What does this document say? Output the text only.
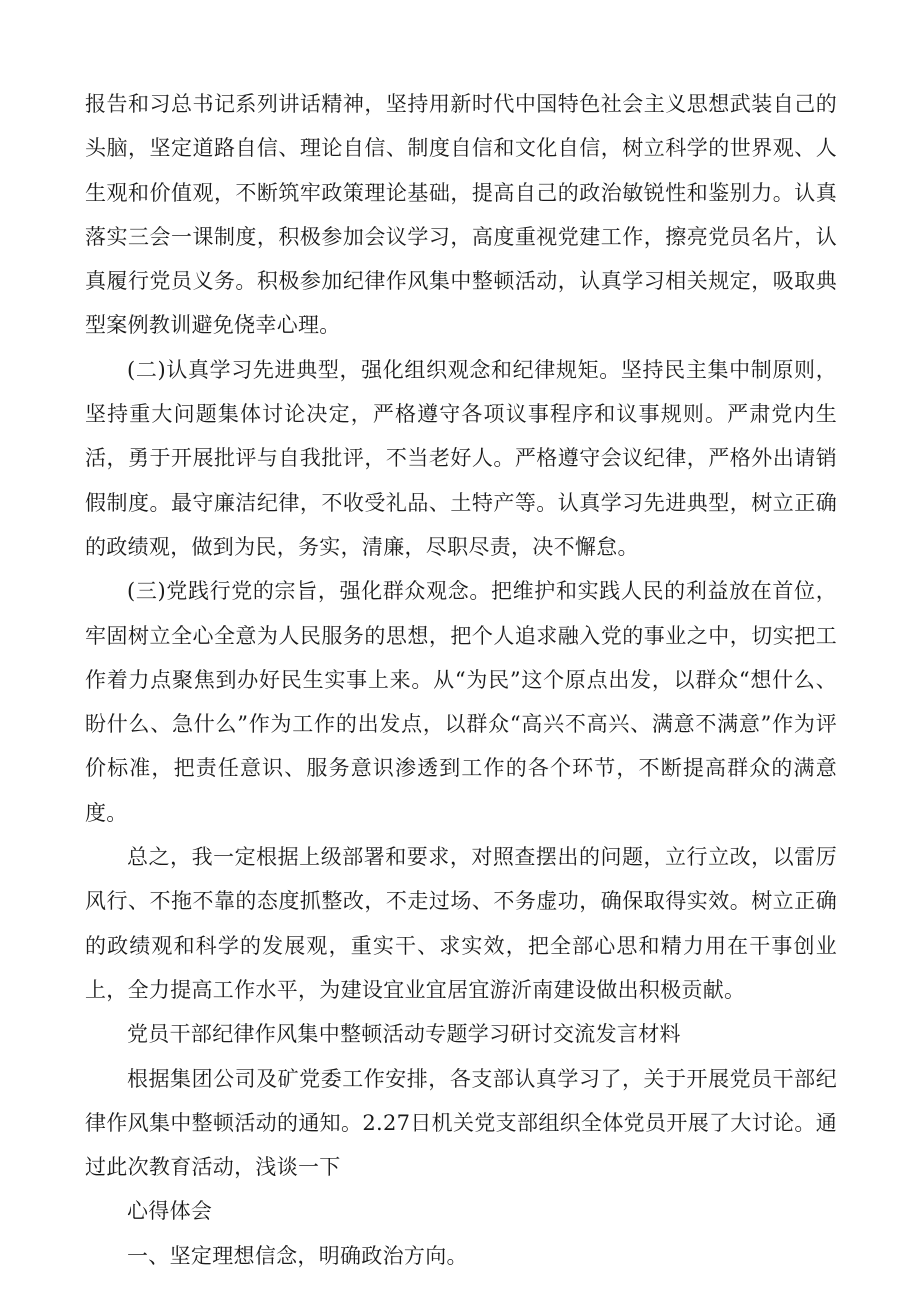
报告和习总书记系列讲话精神，坚持用新时代中国特色社会主义思想武装自己的头脑，坚定道路自信、理论自信、制度自信和文化自信，树立科学的世界观、人生观和价值观，不断筑牢政策理论基础，提高自己的政治敏锐性和鉴别力。认真落实三会一课制度，积极参加会议学习，高度重视党建工作，擦亮党员名片，认真履行党员义务。积极参加纪律作风集中整顿活动，认真学习相关规定，吸取典型案例教训避免侥幸心理。

(二)认真学习先进典型，强化组织观念和纪律规矩。坚持民主集中制原则，坚持重大问题集体讨论决定，严格遵守各项议事程序和议事规则。严肃党内生活，勇于开展批评与自我批评，不当老好人。严格遵守会议纪律，严格外出请销假制度。最守廉洁纪律，不收受礼品、土特产等。认真学习先进典型，树立正确的政绩观，做到为民，务实，清廉，尽职尽责，决不懈怠。

(三)党践行党的宗旨，强化群众观念。把维护和实践人民的利益放在首位，牢固树立全心全意为人民服务的思想，把个人追求融入党的事业之中，切实把工作着力点聚焦到办好民生实事上来。从“为民”这个原点出发，以群众“想什么、盼什么、急什么”作为工作的出发点，以群众“高兴不高兴、满意不满意”作为评价标准，把责任意识、服务意识渗透到工作的各个环节，不断提高群众的满意度。

总之，我一定根据上级部署和要求，对照查摆出的问题，立行立改，以雷厉风行、不拖不靠的态度抓整改，不走过场、不务虚功，确保取得实效。树立正确的政绩观和科学的发展观，重实干、求实效，把全部心思和精力用在干事创业上，全力提高工作水平，为建设宜业宜居宜游沂南建设做出积极贡献。

党员干部纪律作风集中整顿活动专题学习研讨交流发言材料

根据集团公司及矿党委工作安排，各支部认真学习了，关于开展党员干部纪律作风集中整顿活动的通知。2.27日机关党支部组织全体党员开展了大讨论。通过此次教育活动，浅谈一下

心得体会

一、坚定理想信念，明确政治方向。
